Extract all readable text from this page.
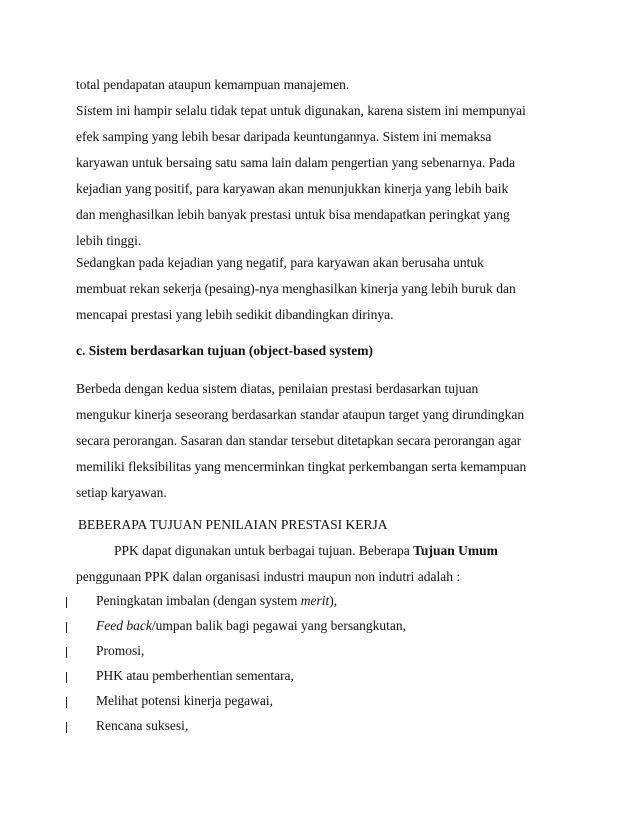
total pendapatan ataupun kemampuan manajemen.
Sistem ini hampir selalu tidak tepat untuk digunakan, karena sistem ini mempunyai
efek samping yang lebih besar daripada keuntungannya. Sistem ini memaksa
karyawan untuk bersaing satu sama lain dalam pengertian yang sebenarnya. Pada
kejadian yang positif, para karyawan akan menunjukkan kinerja yang lebih baik
dan menghasilkan lebih banyak prestasi untuk bisa mendapatkan peringkat yang
lebih tinggi.
Sedangkan pada kejadian yang negatif, para karyawan akan berusaha untuk
membuat rekan sekerja (pesaing)-nya menghasilkan kinerja yang lebih buruk dan
mencapai prestasi yang lebih sedikit dibandingkan dirinya.
c. Sistem berdasarkan tujuan (object-based system)
Berbeda dengan kedua sistem diatas, penilaian prestasi berdasarkan tujuan
mengukur kinerja seseorang berdasarkan standar ataupun target yang dirundingkan
secara perorangan. Sasaran dan standar tersebut ditetapkan secara perorangan agar
memiliki fleksibilitas yang mencerminkan tingkat perkembangan serta kemampuan
setiap karyawan.
BEBERAPA TUJUAN PENILAIAN PRESTASI KERJA
PPK dapat digunakan untuk berbagai tujuan. Beberapa Tujuan Umum
penggunaan PPK dalan organisasi industri maupun non indutri adalah :
Peningkatan imbalan (dengan system merit),
Feed back/umpan balik bagi pegawai yang bersangkutan,
Promosi,
PHK atau pemberhentian sementara,
Melihat potensi kinerja pegawai,
Rencana suksesi,
